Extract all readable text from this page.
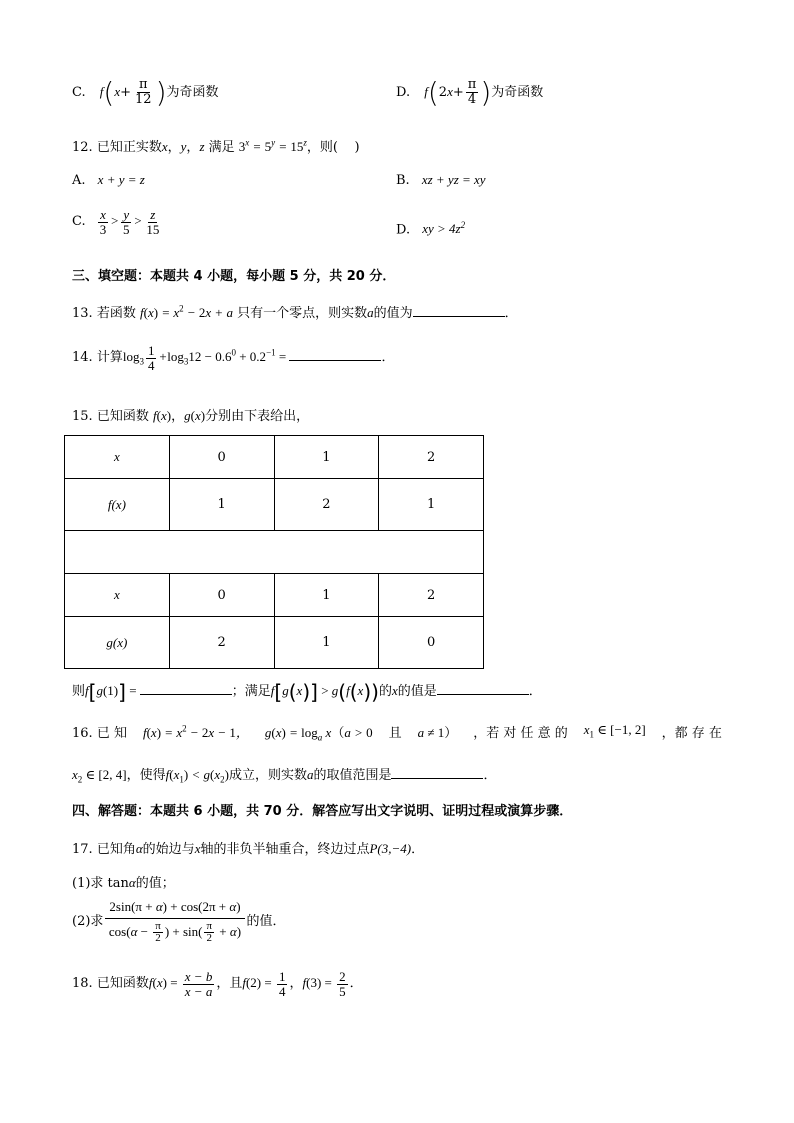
C. $f(x+ \frac{\pi}{12}$ )为奇函数	D. $f(2x+ \frac{\pi}{4}$ )为奇函数
12. 已知正实数x，y，z 满足 $3^x = 5^y = 15^z$，则( )
A. x + y = z	B. xz + yz = xy
C. $\frac{x}{3} > \frac{y}{5} > \frac{z}{15}$	D. xy > $4z^2$
三、填空题：本题共 4 小题，每小题 5 分，共 20 分．
13. 若函数 $f(x) = x^2 - 2x + a$ 只有一个零点，则实数a的值为	．
14. 计算$\log_3 \frac{1}{4} +\log_312 - 0.6^0 + 0.2^{-1}$ =	．
15. 已知函数 f(x)，g(x)分别由下表给出，
x	0	1	2
f(x)	1	2	1

x	0	1	2
g(x)	2	1	0
则f[g(1)] =	；满足f[g(x)] > g(f(x))的x的值是	．
16. 已 知 $f(x) = x^2 - 2x - 1$， $g(x) = \log_a x(a > 0$ 且 a ≠ 1） ，若 对 任 意 的 $x_1$ ∈ [−1, 2] ，都 存 在
$x_2$ ∈ [2, 4]，使得$f(x_1) < g(x_2)$成立，则实数a的取值范围是	．
四、解答题：本题共 6 小题，共 70 分．解答应写出文字说明、证明过程或演算步骤．
17. 已知角α的始边与x轴的非负半轴重合，终边过点P(3,−4)．
(1)求 tanα的值；
(2)求 $\frac{2\sin(\pi + \alpha) + \cos(2\pi + \alpha)}{\cos(\alpha - \frac{\pi}{2} ) + \sin( \frac{\pi}{2} + \alpha)}$ 的值．
18. 已知函数$f(x) = \frac{x - b}{x - a}$ ，且$f(2) = \frac{1}{4}$ ，$f(3) = \frac{2}{5}$ ．
